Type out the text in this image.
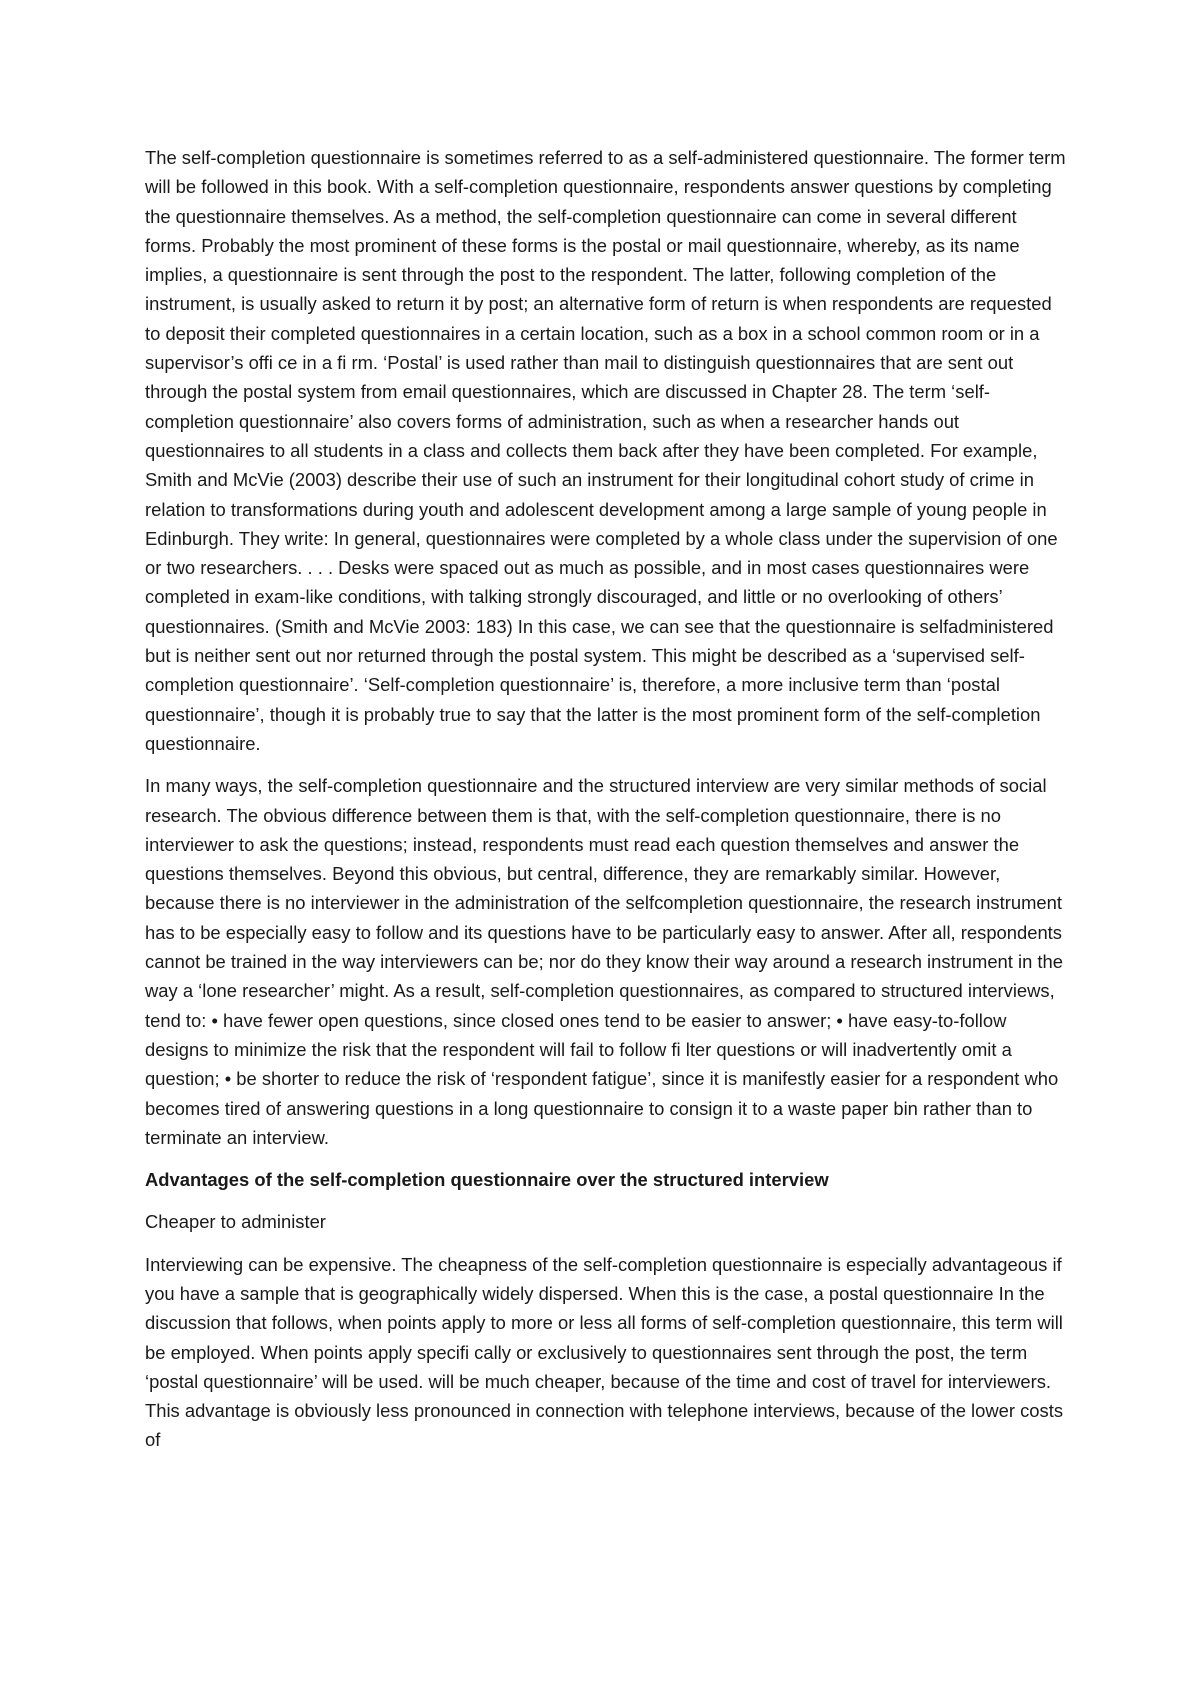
The self-completion questionnaire is sometimes referred to as a self-administered questionnaire. The former term will be followed in this book. With a self-completion questionnaire, respondents answer questions by completing the questionnaire themselves. As a method, the self-completion questionnaire can come in several different forms. Probably the most prominent of these forms is the postal or mail questionnaire, whereby, as its name implies, a questionnaire is sent through the post to the respondent. The latter, following completion of the instrument, is usually asked to return it by post; an alternative form of return is when respondents are requested to deposit their completed questionnaires in a certain location, such as a box in a school common room or in a supervisor’s offi ce in a fi rm. ‘Postal’ is used rather than mail to distinguish questionnaires that are sent out through the postal system from email questionnaires, which are discussed in Chapter 28. The term ‘self-completion questionnaire’ also covers forms of administration, such as when a researcher hands out questionnaires to all students in a class and collects them back after they have been completed. For example, Smith and McVie (2003) describe their use of such an instrument for their longitudinal cohort study of crime in relation to transformations during youth and adolescent development among a large sample of young people in Edinburgh. They write: In general, questionnaires were completed by a whole class under the supervision of one or two researchers. . . . Desks were spaced out as much as possible, and in most cases questionnaires were completed in exam-like conditions, with talking strongly discouraged, and little or no overlooking of others’ questionnaires. (Smith and McVie 2003: 183) In this case, we can see that the questionnaire is selfadministered but is neither sent out nor returned through the postal system. This might be described as a ‘supervised self-completion questionnaire’. ‘Self-completion questionnaire’ is, therefore, a more inclusive term than ‘postal questionnaire’, though it is probably true to say that the latter is the most prominent form of the self-completion questionnaire.

In many ways, the self-completion questionnaire and the structured interview are very similar methods of social research. The obvious difference between them is that, with the self-completion questionnaire, there is no interviewer to ask the questions; instead, respondents must read each question themselves and answer the questions themselves. Beyond this obvious, but central, difference, they are remarkably similar. However, because there is no interviewer in the administration of the selfcompletion questionnaire, the research instrument has to be especially easy to follow and its questions have to be particularly easy to answer. After all, respondents cannot be trained in the way interviewers can be; nor do they know their way around a research instrument in the way a ‘lone researcher’ might. As a result, self-completion questionnaires, as compared to structured interviews, tend to: • have fewer open questions, since closed ones tend to be easier to answer; • have easy-to-follow designs to minimize the risk that the respondent will fail to follow fi lter questions or will inadvertently omit a question; • be shorter to reduce the risk of ‘respondent fatigue’, since it is manifestly easier for a respondent who becomes tired of answering questions in a long questionnaire to consign it to a waste paper bin rather than to terminate an interview.

Advantages of the self-completion questionnaire over the structured interview

Cheaper to administer

Interviewing can be expensive. The cheapness of the self-completion questionnaire is especially advantageous if you have a sample that is geographically widely dispersed. When this is the case, a postal questionnaire In the discussion that follows, when points apply to more or less all forms of self-completion questionnaire, this term will be employed. When points apply specifi cally or exclusively to questionnaires sent through the post, the term ‘postal questionnaire’ will be used. will be much cheaper, because of the time and cost of travel for interviewers. This advantage is obviously less pronounced in connection with telephone interviews, because of the lower costs of
